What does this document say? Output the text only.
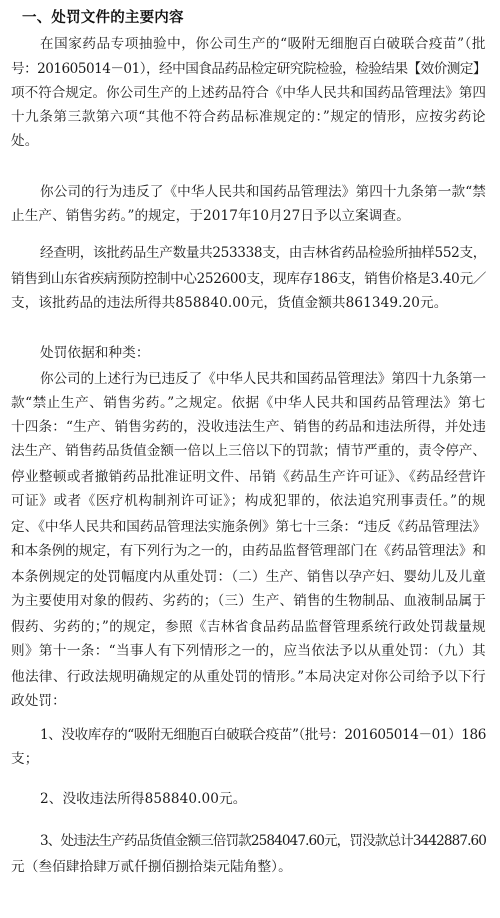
一、处罚文件的主要内容
在国家药品专项抽验中，你公司生产的“吸附无细胞百白破联合疫苗”（批
号：201605014－01），经中国食品药品检定研究院检验，检验结果【效价测定】
项不符合规定。你公司生产的上述药品符合《中华人民共和国药品管理法》第四
十九条第三款第六项“其他不符合药品标准规定的：”规定的情形，应按劣药论
处。
你公司的行为违反了《中华人民共和国药品管理法》第四十九条第一款“禁
止生产、销售劣药。”的规定，于2017年10月27日予以立案调查。
经查明，该批药品生产数量共253338支，由吉林省药品检验所抽样552支，
销售到山东省疾病预防控制中心252600支，现库存186支，销售价格是3.40元／
支，该批药品的违法所得共858840.00元，货值金额共861349.20元。
处罚依据和种类：
你公司的上述行为已违反了《中华人民共和国药品管理法》第四十九条第一
款“禁止生产、销售劣药。”之规定。依据《中华人民共和国药品管理法》第七
十四条：“生产、销售劣药的，没收违法生产、销售的药品和违法所得，并处违
法生产、销售药品货值金额一倍以上三倍以下的罚款；情节严重的，责令停产、
停业整顿或者撤销药品批准证明文件、吊销《药品生产许可证》、《药品经营许
可证》或者《医疗机构制剂许可证》；构成犯罪的，依法追究刑事责任。”的规
定、《中华人民共和国药品管理法实施条例》第七十三条：“违反《药品管理法》
和本条例的规定，有下列行为之一的，由药品监督管理部门在《药品管理法》和
本条例规定的处罚幅度内从重处罚：（二）生产、销售以孕产妇、婴幼儿及儿童
为主要使用对象的假药、劣药的；（三）生产、销售的生物制品、血液制品属于
假药、劣药的；”的规定，参照《吉林省食品药品监督管理系统行政处罚裁量规
则》第十一条：“当事人有下列情形之一的，应当依法予以从重处罚：（九）其
他法律、行政法规明确规定的从重处罚的情形。”本局决定对你公司给予以下行
政处罚：
1、没收库存的“吸附无细胞百白破联合疫苗”（批号：201605014－01）186
支；
2、没收违法所得858840.00元。
3、处违法生产药品货值金额三倍罚款2584047.60元，罚没款总计3442887.60
元（叁佰肆拾肆万贰仟捌佰捌拾柒元陆角整）。
